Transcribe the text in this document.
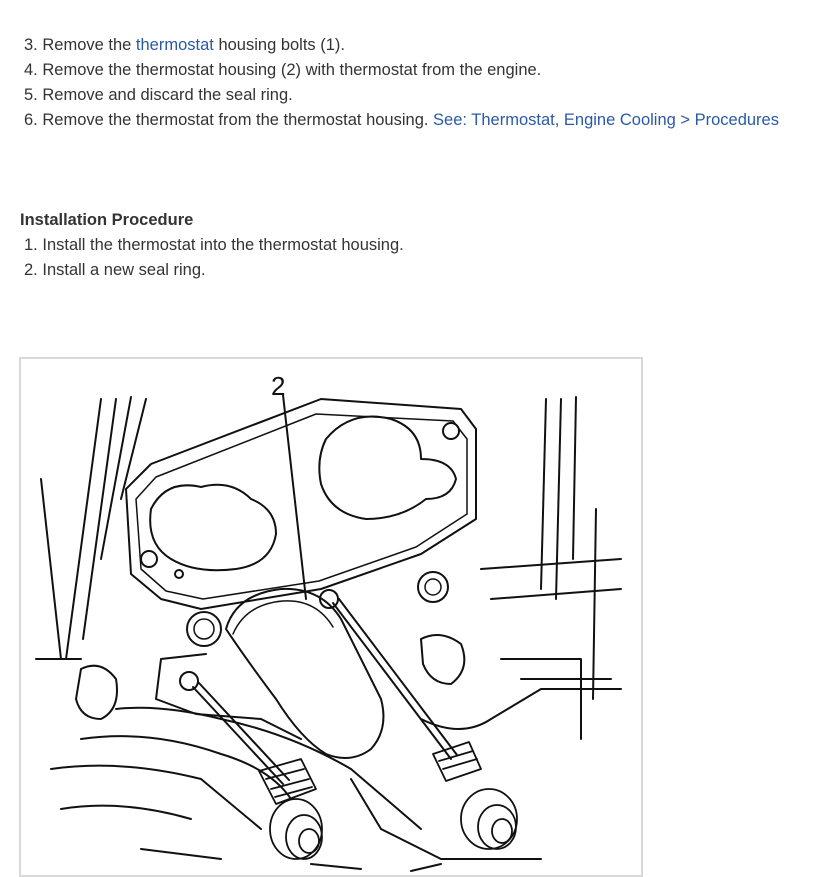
3. Remove the thermostat housing bolts (1).
4. Remove the thermostat housing (2) with thermostat from the engine.
5. Remove and discard the seal ring.
6. Remove the thermostat from the thermostat housing. See: Thermostat, Engine Cooling > Procedures
Installation Procedure
1. Install the thermostat into the thermostat housing.
2. Install a new seal ring.
2
